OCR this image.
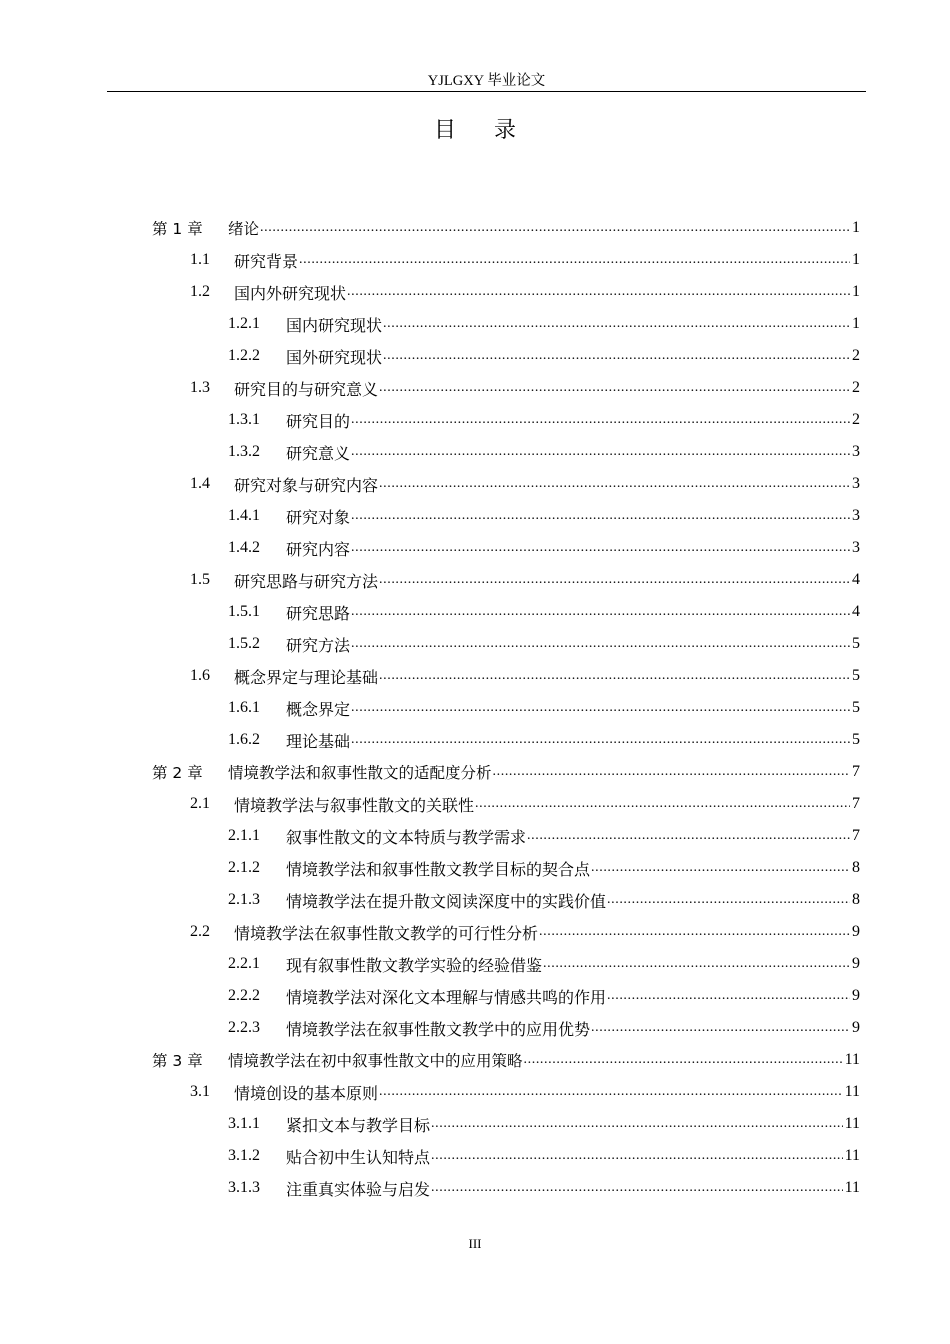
YJLGXY 毕业论文
目录
第 1 章	绪论 .....	1
1.1	研究背景 .....	1
1.2	国内外研究现状 .....	1
1.2.1	国内研究现状 .....	1
1.2.2	国外研究现状 .....	2
1.3	研究目的与研究意义 .....	2
1.3.1	研究目的 .....	2
1.3.2	研究意义 .....	3
1.4	研究对象与研究内容 .....	3
1.4.1	研究对象 .....	3
1.4.2	研究内容 .....	3
1.5	研究思路与研究方法 .....	4
1.5.1	研究思路 .....	4
1.5.2	研究方法 .....	5
1.6	概念界定与理论基础 .....	5
1.6.1	概念界定 .....	5
1.6.2	理论基础 .....	5
第 2 章	情境教学法和叙事性散文的适配度分析 .....	7
2.1	情境教学法与叙事性散文的关联性 .....	7
2.1.1	叙事性散文的文本特质与教学需求 .....	7
2.1.2	情境教学法和叙事性散文教学目标的契合点 .....	8
2.1.3	情境教学法在提升散文阅读深度中的实践价值 .....	8
2.2	情境教学法在叙事性散文教学的可行性分析 .....	9
2.2.1	现有叙事性散文教学实验的经验借鉴 .....	9
2.2.2	情境教学法对深化文本理解与情感共鸣的作用 .....	9
2.2.3	情境教学法在叙事性散文教学中的应用优势 .....	9
第 3 章	情境教学法在初中叙事性散文中的应用策略 .....	11
3.1	情境创设的基本原则 .....	11
3.1.1	紧扣文本与教学目标 .....	11
3.1.2	贴合初中生认知特点 .....	11
3.1.3	注重真实体验与启发 .....	11
III
